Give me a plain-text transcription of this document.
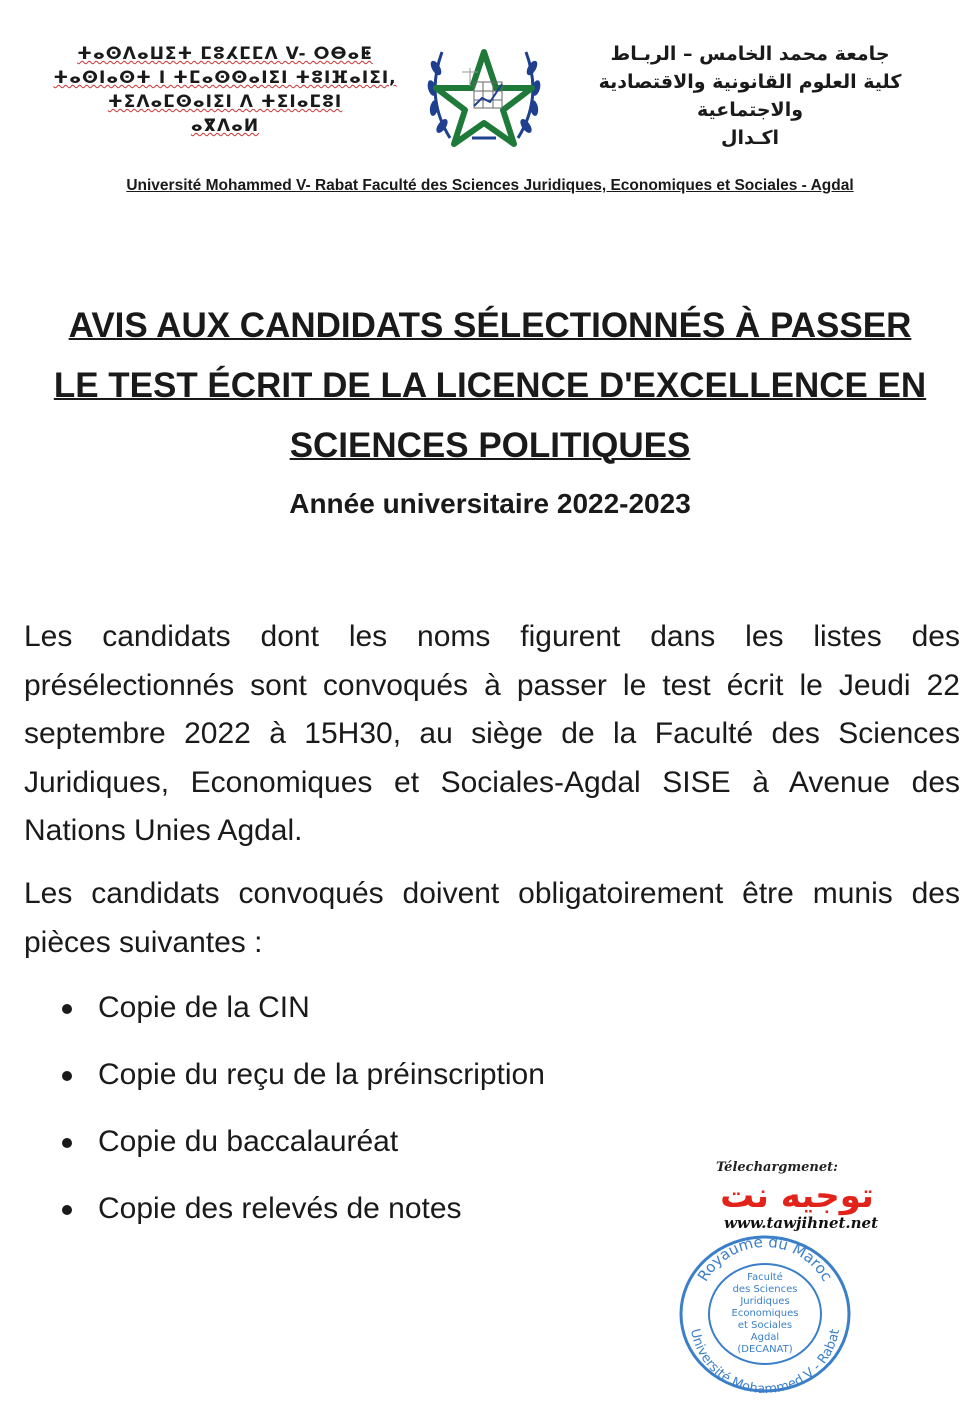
ⵜⴰⵙⴷⴰⵡⵉⵜ ⵎⵓⵃⵎⵎⴷ V- ⵔⴱⴰⵟ
ⵜⴰⵙⵏⴰⵙⵜ ⵏ ⵜⵎⴰⵙⵙⴰⵏⵉⵏ ⵜⵓⵏⴼⴰⵏⵉⵏ,
ⵜⵉⴷⴰⵎⵙⴰⵏⵉⵏ ⴷ ⵜⵉⵏⴰⵎⵓⵏ
ⴰⴳⴷⴰⵍ
جامعة محمد الخامس – الربـاط
كلية العلوم القانونية والاقتصادية والاجتماعية
اكـدال
Université Mohammed V- Rabat Faculté des Sciences Juridiques, Economiques et Sociales - Agdal
AVIS AUX CANDIDATS SÉLECTIONNÉS À PASSER
LE TEST ÉCRIT DE LA LICENCE D'EXCELLENCE EN
SCIENCES POLITIQUES
Année universitaire 2022-2023

Les candidats dont les noms figurent dans les listes des présélectionnés sont convoqués à passer le test écrit le Jeudi 22 septembre 2022 à 15H30, au siège de la Faculté des Sciences Juridiques, Economiques et Sociales-Agdal SISE à Avenue des Nations Unies Agdal.

Les candidats convoqués doivent obligatoirement être munis des pièces suivantes :

Copie de la CIN
Copie du reçu de la préinscription
Copie du baccalauréat
Copie des relevés de notes
Télechargmenet:
توجيه نت
www.tawjihnet.net
Royaume du Maroc
Université Mohammed V - Rabat
Faculté
des Sciences
Juridiques
Economiques
et Sociales
Agdal
(DECANAT)
